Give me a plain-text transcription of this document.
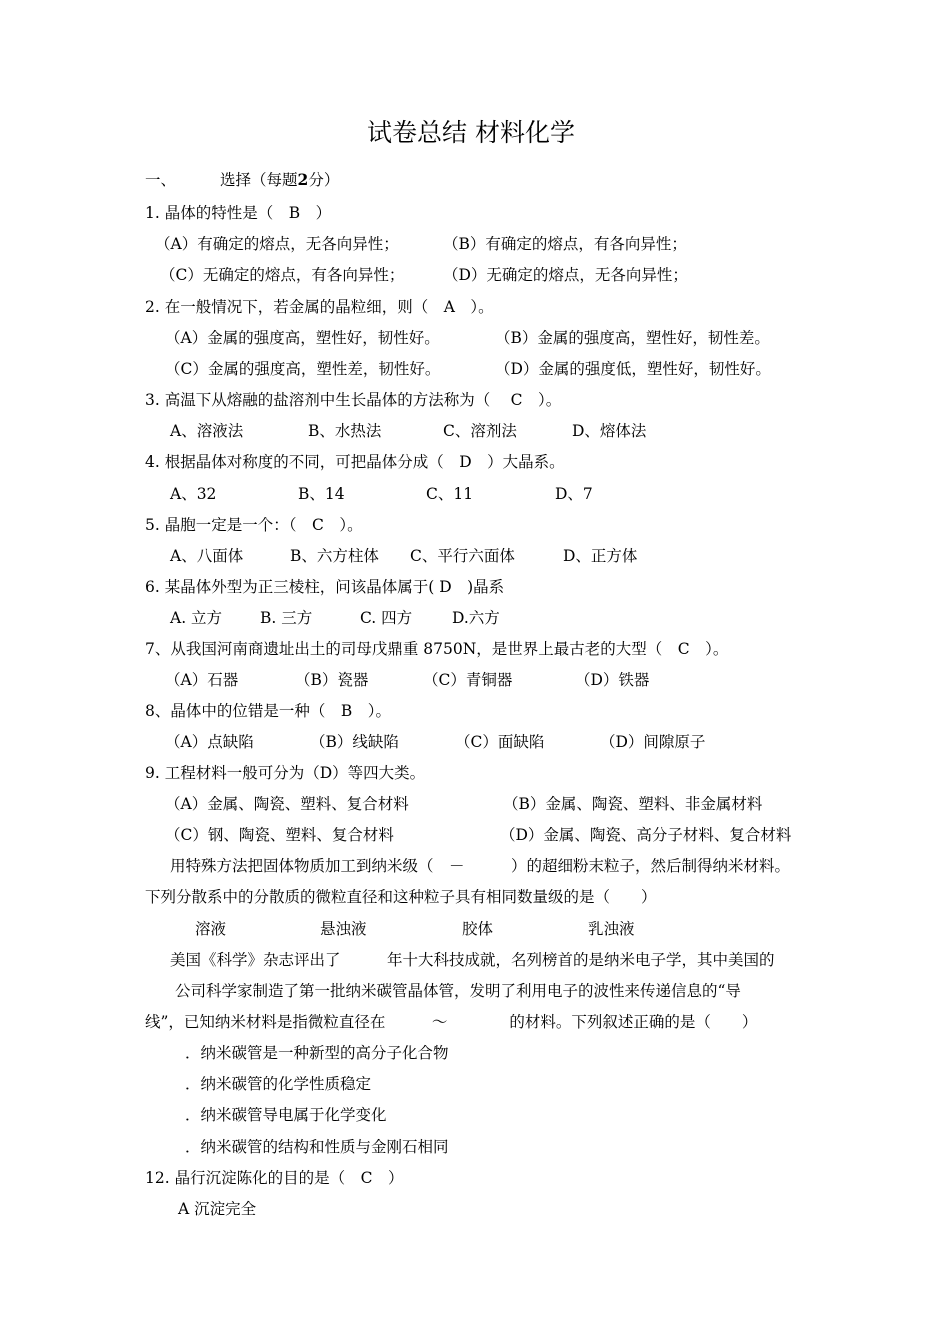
试卷总结 材料化学
一、	选择（每题2分）
1. 晶体的特性是（　B　）
（A）有确定的熔点，无各向异性；	（B）有确定的熔点，有各向异性；
（C）无确定的熔点，有各向异性； （D）无确定的熔点，无各向异性；
2. 在一般情况下，若金属的晶粒细，则（　A　）。
（A）金属的强度高，塑性好，韧性好。	（B）金属的强度高，塑性好，韧性差。
（C）金属的强度高，塑性差，韧性好。	（D）金属的强度低，塑性好，韧性好。
3. 高温下从熔融的盐溶剂中生长晶体的方法称为（　 C　）。
A、溶液法	B、水热法	C、溶剂法	D、熔体法
4. 根据晶体对称度的不同，可把晶体分成（　D　）大晶系。
A、32	B、14	C、11	D、7
5. 晶胞一定是一个：（　C　）。
A、八面体	B、六方柱体 C、平行六面体	D、正方体
6. 某晶体外型为正三棱柱，问该晶体属于( D　)晶系
A. 立方 B. 三方	C. 四方	D.六方
7、从我国河南商遗址出土的司母戊鼎重 8750N，是世界上最古老的大型（　C　）。
（A）石器	（B）瓷器	（C）青铜器	（D）铁器
8、晶体中的位错是一种（　B　）。
（A）点缺陷	（B）线缺陷	（C）面缺陷	（D）间隙原子
9. 工程材料一般可分为（D）等四大类。
（A）金属、陶瓷、塑料、复合材料	（B）金属、陶瓷、塑料、非金属材料
（C）钢、陶瓷、塑料、复合材料	（D）金属、陶瓷、高分子材料、复合材料
用特殊方法把固体物质加工到纳米级（　－　　　）的超细粉末粒子，然后制得纳米材料。
下列分散系中的分散质的微粒直径和这种粒子具有相同数量级的是（　　）
溶液	悬浊液	胶体	乳浊液
美国《科学》杂志评出了　　　年十大科技成就，名列榜首的是纳米电子学，其中美国的
公司科学家制造了第一批纳米碳管晶体管，发明了利用电子的波性来传递信息的“导
线”，已知纳米材料是指微粒直径在　　　～　　　　的材料。下列叙述正确的是（　　）
．纳米碳管是一种新型的高分子化合物
．纳米碳管的化学性质稳定
．纳米碳管导电属于化学变化
．纳米碳管的结构和性质与金刚石相同
12. 晶行沉淀陈化的目的是（　C　）
A 沉淀完全
